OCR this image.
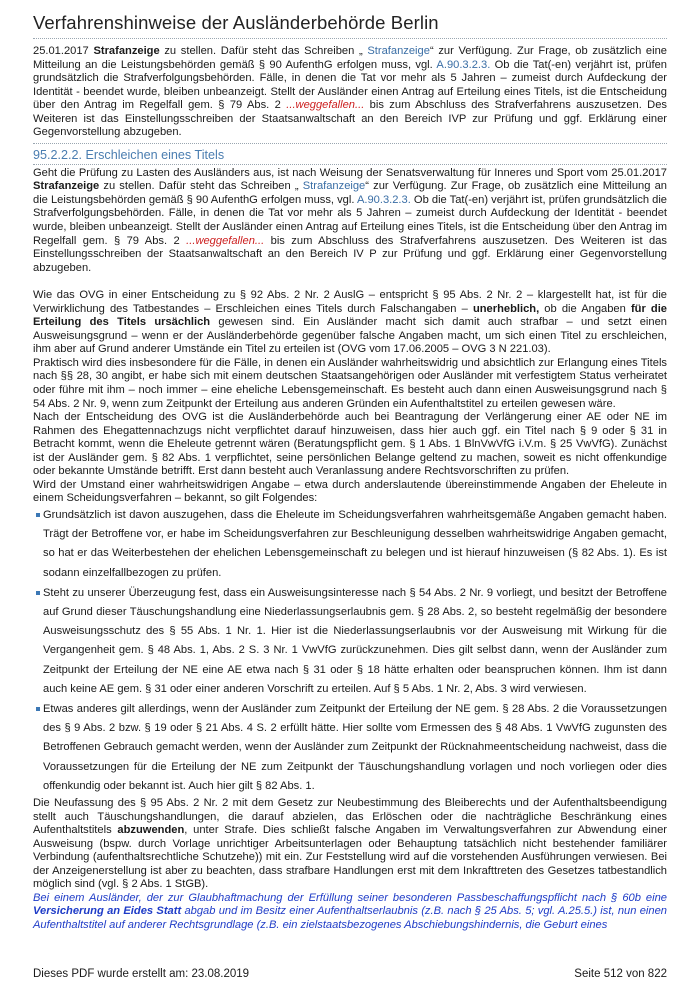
Verfahrenshinweise der Ausländerbehörde Berlin

25.01.2017 Strafanzeige zu stellen. Dafür steht das Schreiben „ Strafanzeige“ zur Verfügung. Zur Frage, ob zusätzlich eine Mitteilung an die Leistungsbehörden gemäß § 90 AufenthG erfolgen muss, vgl. A.90.3.2.3. Ob die Tat(-en) verjährt ist, prüfen grundsätzlich die Strafverfolgungsbehörden. Fälle, in denen die Tat vor mehr als 5 Jahren – zumeist durch Aufdeckung der Identität - beendet wurde, bleiben unbeanzeigt. Stellt der Ausländer einen Antrag auf Erteilung eines Titels, ist die Entscheidung über den Antrag im Regelfall gem. § 79 Abs. 2 ...weggefallen... bis zum Abschluss des Strafverfahrens auszusetzen. Des Weiteren ist das Einstellungsschreiben der Staatsanwaltschaft an den Bereich IVP zur Prüfung und ggf. Erklärung einer Gegenvorstellung abzugeben.

95.2.2.2. Erschleichen eines Titels

Geht die Prüfung zu Lasten des Ausländers aus, ist nach Weisung der Senatsverwaltung für Inneres und Sport vom 25.01.2017 Strafanzeige zu stellen. Dafür steht das Schreiben „ Strafanzeige“ zur Verfügung. Zur Frage, ob zusätzlich eine Mitteilung an die Leistungsbehörden gemäß § 90 AufenthG erfolgen muss, vgl. A.90.3.2.3. Ob die Tat(-en) verjährt ist, prüfen grundsätzlich die Strafverfolgungsbehörden. Fälle, in denen die Tat vor mehr als 5 Jahren – zumeist durch Aufdeckung der Identität - beendet wurde, bleiben unbeanzeigt. Stellt der Ausländer einen Antrag auf Erteilung eines Titels, ist die Entscheidung über den Antrag im Regelfall gem. § 79 Abs. 2 ...weggefallen... bis zum Abschluss des Strafverfahrens auszusetzen. Des Weiteren ist das Einstellungsschreiben der Staatsanwaltschaft an den Bereich IV P zur Prüfung und ggf. Erklärung einer Gegenvorstellung abzugeben.

Wie das OVG in einer Entscheidung zu § 92 Abs. 2 Nr. 2 AuslG – entspricht § 95 Abs. 2 Nr. 2 – klargestellt hat, ist für die Verwirklichung des Tatbestandes – Erschleichen eines Titels durch Falschangaben – unerheblich, ob die Angaben für die Erteilung des Titels ursächlich gewesen sind. Ein Ausländer macht sich damit auch strafbar – und setzt einen Ausweisungsgrund – wenn er der Ausländerbehörde gegenüber falsche Angaben macht, um sich einen Titel zu erschleichen, ihm aber auf Grund anderer Umstände ein Titel zu erteilen ist (OVG vom 17.06.2005 – OVG 3 N 221.03).

Praktisch wird dies insbesondere für die Fälle, in denen ein Ausländer wahrheitswidrig und absichtlich zur Erlangung eines Titels nach §§ 28, 30 angibt, er habe sich mit einem deutschen Staatsangehörigen oder Ausländer mit verfestigtem Status verheiratet oder führe mit ihm – noch immer – eine eheliche Lebensgemeinschaft. Es besteht auch dann einen Ausweisungsgrund nach § 54 Abs. 2 Nr. 9, wenn zum Zeitpunkt der Erteilung aus anderen Gründen ein Aufenthaltstitel zu erteilen gewesen wäre.

Nach der Entscheidung des OVG ist die Ausländerbehörde auch bei Beantragung der Verlängerung einer AE oder NE im Rahmen des Ehegattennachzugs nicht verpflichtet darauf hinzuweisen, dass hier auch ggf. ein Titel nach § 9 oder § 31 in Betracht kommt, wenn die Eheleute getrennt wären (Beratungspflicht gem. § 1 Abs. 1 BlnVwVfG i.V.m. § 25 VwVfG). Zunächst ist der Ausländer gem. § 82 Abs. 1 verpflichtet, seine persönlichen Belange geltend zu machen, soweit es nicht offenkundige oder bekannte Umstände betrifft. Erst dann besteht auch Veranlassung andere Rechtsvorschriften zu prüfen.

Wird der Umstand einer wahrheitswidrigen Angabe – etwa durch anderslautende übereinstimmende Angaben der Eheleute in einem Scheidungsverfahren – bekannt, so gilt Folgendes:

Grundsätzlich ist davon auszugehen, dass die Eheleute im Scheidungsverfahren wahrheitsgemäße Angaben gemacht haben. Trägt der Betroffene vor, er habe im Scheidungsverfahren zur Beschleunigung desselben wahrheitswidrige Angaben gemacht, so hat er das Weiterbestehen der ehelichen Lebensgemeinschaft zu belegen und ist hierauf hinzuweisen (§ 82 Abs. 1). Es ist sodann einzelfallbezogen zu prüfen.
Steht zu unserer Überzeugung fest, dass ein Ausweisungsinteresse nach § 54 Abs. 2 Nr. 9 vorliegt, und besitzt der Betroffene auf Grund dieser Täuschungshandlung eine Niederlassungserlaubnis gem. § 28 Abs. 2, so besteht regelmäßig der besondere Ausweisungsschutz des § 55 Abs. 1 Nr. 1. Hier ist die Niederlassungserlaubnis vor der Ausweisung mit Wirkung für die Vergangenheit gem. § 48 Abs. 1, Abs. 2 S. 3 Nr. 1 VwVfG zurückzunehmen. Dies gilt selbst dann, wenn der Ausländer zum Zeitpunkt der Erteilung der NE eine AE etwa nach § 31 oder § 18 hätte erhalten oder beanspruchen können. Ihm ist dann auch keine AE gem. § 31 oder einer anderen Vorschrift zu erteilen. Auf § 5 Abs. 1 Nr. 2, Abs. 3 wird verwiesen.
Etwas anderes gilt allerdings, wenn der Ausländer zum Zeitpunkt der Erteilung der NE gem. § 28 Abs. 2 die Voraussetzungen des § 9 Abs. 2 bzw. § 19 oder § 21 Abs. 4 S. 2 erfüllt hätte. Hier sollte vom Ermessen des § 48 Abs. 1 VwVfG zugunsten des Betroffenen Gebrauch gemacht werden, wenn der Ausländer zum Zeitpunkt der Rücknahmeentscheidung nachweist, dass die Voraussetzungen für die Erteilung der NE zum Zeitpunkt der Täuschungshandlung vorlagen und noch vorliegen oder dies offenkundig oder bekannt ist. Auch hier gilt § 82 Abs. 1.

Die Neufassung des § 95 Abs. 2 Nr. 2 mit dem Gesetz zur Neubestimmung des Bleiberechts und der Aufenthaltsbeendigung stellt auch Täuschungshandlungen, die darauf abzielen, das Erlöschen oder die nachträgliche Beschränkung eines Aufenthaltstitels abzuwenden, unter Strafe. Dies schließt falsche Angaben im Verwaltungsverfahren zur Abwendung einer Ausweisung (bspw. durch Vorlage unrichtiger Arbeitsunterlagen oder Behauptung tatsächlich nicht bestehender familiärer Verbindung (aufenthaltsrechtliche Schutzehe)) mit ein. Zur Feststellung wird auf die vorstehenden Ausführungen verwiesen. Bei der Anzeigenerstellung ist aber zu beachten, dass strafbare Handlungen erst mit dem Inkrafttreten des Gesetzes tatbestandlich möglich sind (vgl. § 2 Abs. 1 StGB).

Bei einem Ausländer, der zur Glaubhaftmachung der Erfüllung seiner besonderen Passbeschaffungspflicht nach § 60b eine Versicherung an Eides Statt abgab und im Besitz einer Aufenthaltserlaubnis (z.B. nach § 25 Abs. 5; vgl. A.25.5.) ist, nun einen Aufenthaltstitel auf anderer Rechtsgrundlage (z.B. ein zielstaatsbezogenes Abschiebungshindernis, die Geburt eines

Dieses PDF wurde erstellt am: 23.08.2019	Seite 512 von 822
